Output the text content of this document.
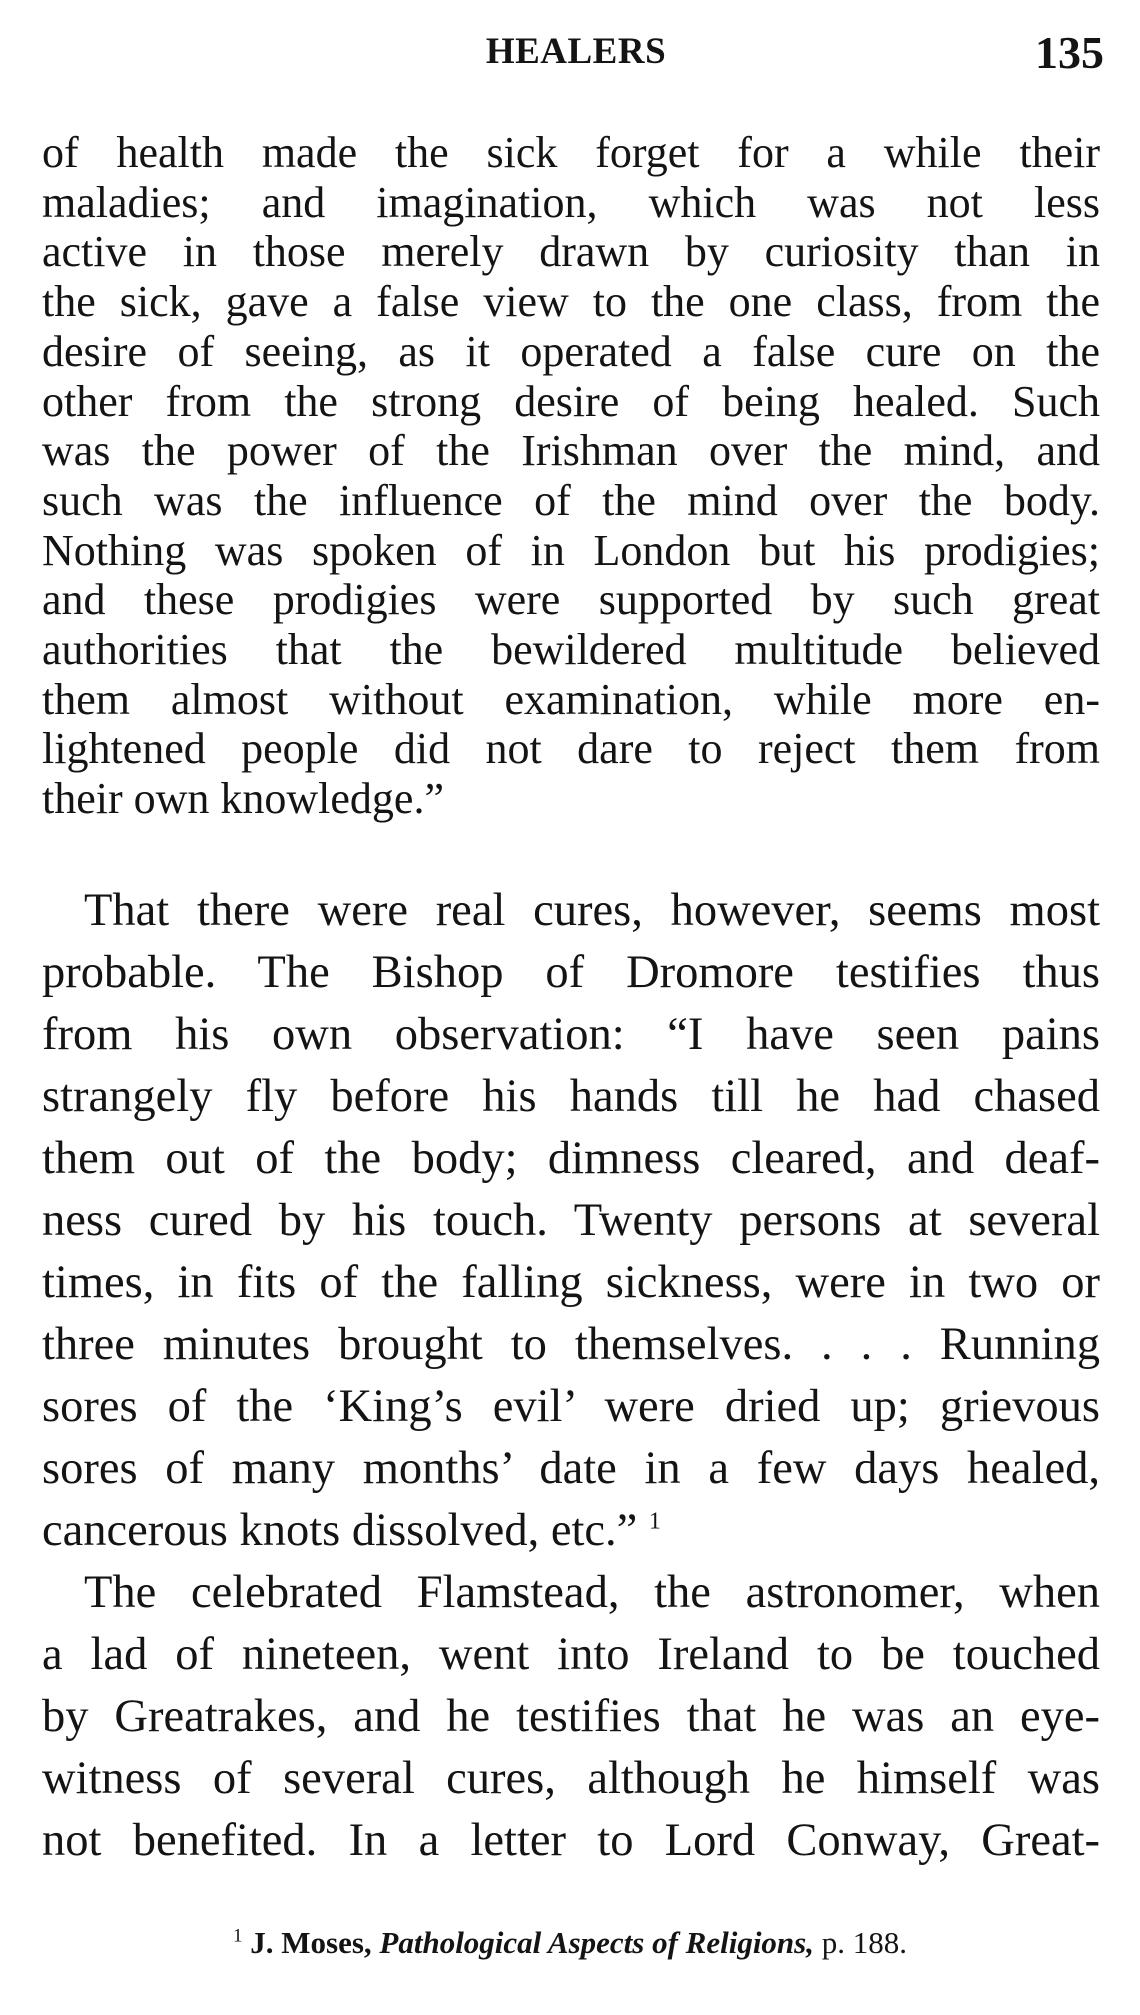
HEALERS	135
of health made the sick forget for a while their
maladies; and imagination, which was not less
active in those merely drawn by curiosity than in
the sick, gave a false view to the one class, from the
desire of seeing, as it operated a false cure on the
other from the strong desire of being healed. Such
was the power of the Irishman over the mind, and
such was the influence of the mind over the body.
Nothing was spoken of in London but his prodigies;
and these prodigies were supported by such great
authorities that the bewildered multitude believed
them almost without examination, while more en-
lightened people did not dare to reject them from
their own knowledge.”
That there were real cures, however, seems most
probable. The Bishop of Dromore testifies thus
from his own observation: “I have seen pains
strangely fly before his hands till he had chased
them out of the body; dimness cleared, and deaf-
ness cured by his touch. Twenty persons at several
times, in fits of the falling sickness, were in two or
three minutes brought to themselves. . . . Running
sores of the ‘King’s evil’ were dried up; grievous
sores of many months’ date in a few days healed,
cancerous knots dissolved, etc.” $^1$
The celebrated Flamstead, the astronomer, when
a lad of nineteen, went into Ireland to be touched
by Greatrakes, and he testifies that he was an eye-
witness of several cures, although he himself was
not benefited. In a letter to Lord Conway, Great-
$^1$ J. Moses, Pathological Aspects of Religions, p. 188.
